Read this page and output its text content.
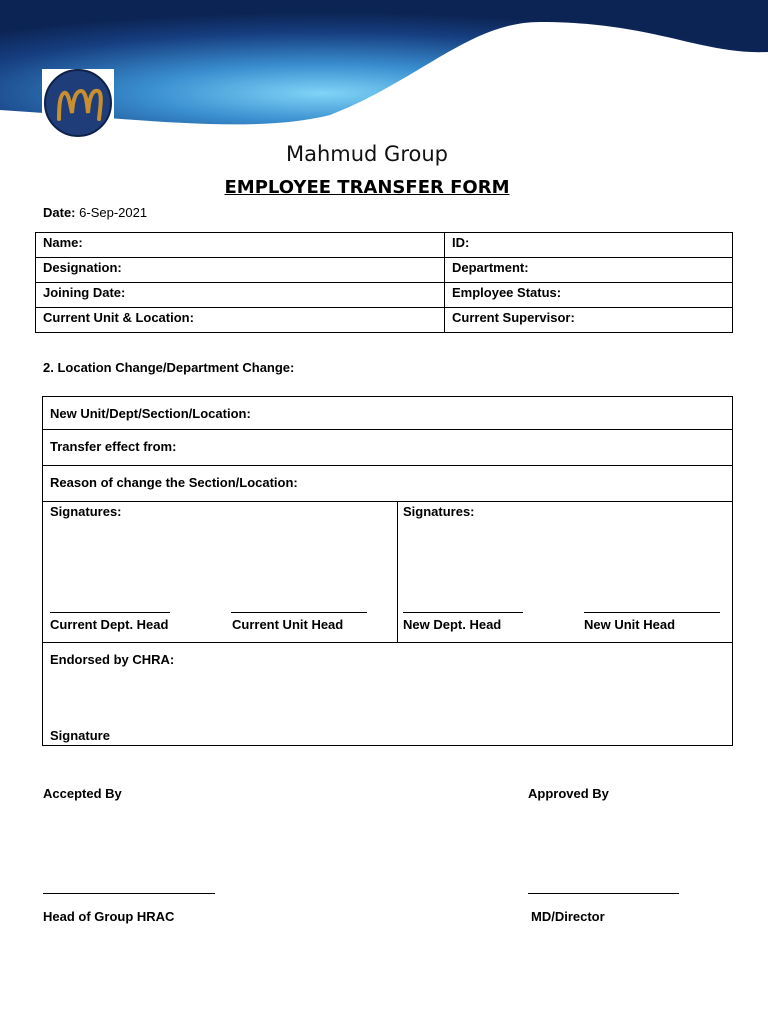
Mahmud Group
EMPLOYEE TRANSFER FORM
Date: 6-Sep-2021
Name:	ID:
Designation:	Department:
Joining Date:	Employee Status:
Current Unit & Location:	Current Supervisor:
2. Location Change/Department Change:
New Unit/Dept/Section/Location:
Transfer effect from:
Reason of change the Section/Location:
Signatures:	Signatures:
Current Dept. Head	Current Unit Head	New Dept. Head	New Unit Head
Endorsed by CHRA:
Signature
Accepted By	Approved By
Head of Group HRAC	MD/Director
